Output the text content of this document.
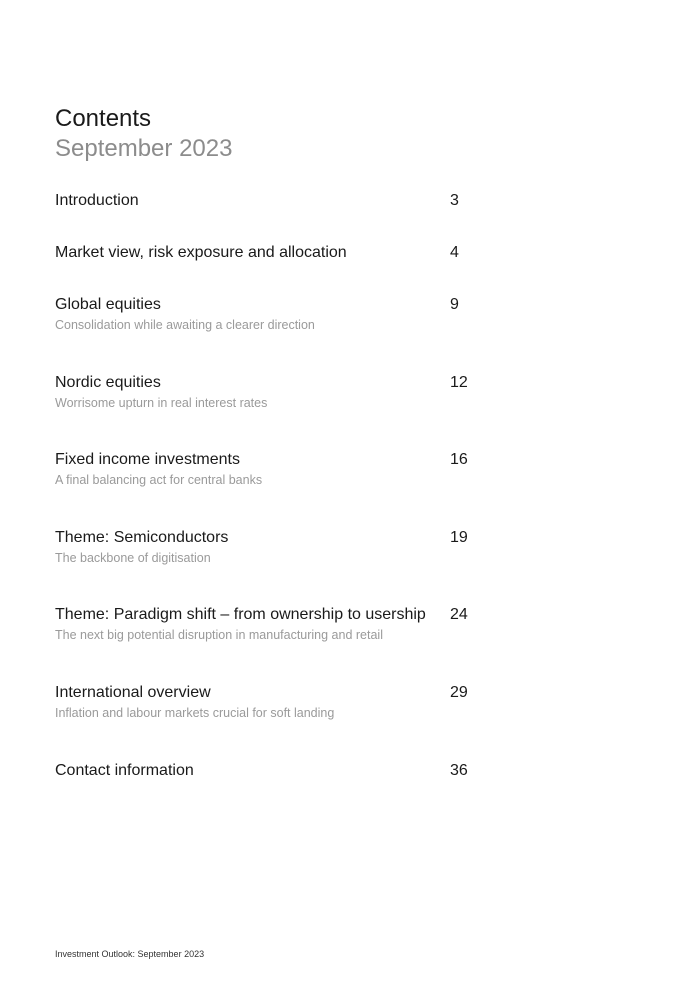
Contents
September 2023
Introduction	3
Market view, risk exposure and allocation	4
Global equities	9
Consolidation while awaiting a clearer direction
Nordic equities	12
Worrisome upturn in real interest rates
Fixed income investments	16
A final balancing act for central banks
Theme: Semiconductors	19
The backbone of digitisation
Theme: Paradigm shift – from ownership to usership	24
The next big potential disruption in manufacturing and retail
International overview	29
Inflation and labour markets crucial for soft landing
Contact information	36
Investment Outlook: September 2023
